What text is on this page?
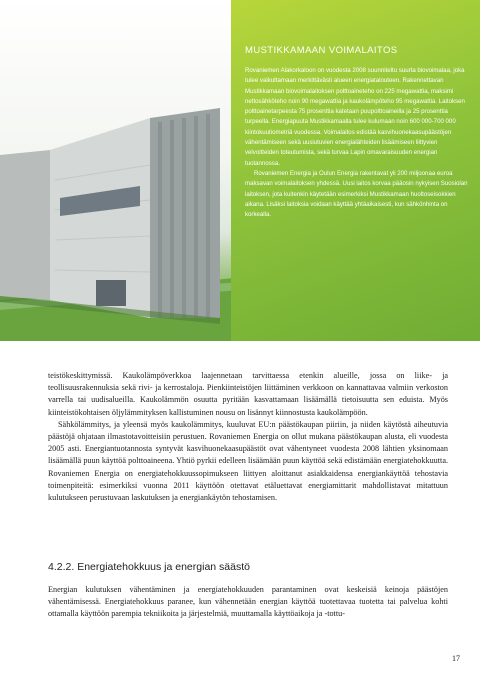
MUSTIKKAMAAN VOIMALAITOS

Rovaniemen Alakorkaloon on vuodesta 2008 suunniteltu suurta biovoimalaa, joka tulee vaikuttamaan merkittävästi alueen energiatalouteen. Rakennettavan Mustikkamaan biovoimalaitoksen polttoaineteho on 225 megawattia, maksimi nettosähköteho noin 90 megawattia ja kaukolämpöteho 95 megawattia. Laitoksen polttoainetarpeesta 75 prosenttia katetaan puupolttoaineilla ja 25 prosenttia turpeella. Energiapuuta Mustikkamaalla tulee kulumaan noin 600 000-700 000 kiintokuutiometriä vuodessa. Voimalaitos edistää kasvihuonekaasupäästöjen vähentämiseen sekä uusiutuvien energialähteiden lisäämiseen liittyvien velvoitteiden toteutumista, sekä turvaa Lapin omavaraisuuden energian tuotannossa.

Rovaniemen Energia ja Oulun Energia rakentavat yli 200 miljoonaa euroa maksavan voimalaitoksen yhdessä. Uusi laitos korvaa pääosin nykyisen Suosiolan laitoksen, jota kuitenkin käytetään esimerkiksi Mustikkamaan huoltoseisokkien aikana. Lisäksi laitoksia voidaan käyttää yhtäaikaisesti, kun sähkönhinta on korkealla.

teistökeskittymissä. Kaukolämpöverkkoa laajennetaan tarvittaessa etenkin alueille, jossa on liike- ja teollisuusrakennuksia sekä rivi- ja kerrostaloja. Pienkiinteistöjen liittäminen verkkoon on kannattavaa valmiin verkoston varrella tai uudisalueilla. Kaukolämmön osuutta pyritään kasvattamaan lisäämällä tietoisuutta sen eduista. Myös kiinteistökohtaisen öljylämmityksen kallistuminen nousu on lisännyt kiinnostusta kaukolämpöön.

Sähkölämmitys, ja yleensä myös kaukolämmitys, kuuluvat EU:n päästökaupan piiriin, ja niiden käytöstä aiheutuvia päästöjä ohjataan ilmastotavoitteisiin perustuen. Rovaniemen Energia on ollut mukana päästökaupan alusta, eli vuodesta 2005 asti. Energiantuotannosta syntyvät kasvihuonekaasupäästöt ovat vähentyneet vuodesta 2008 lähtien yksinomaan lisäämällä puun käyttöä polttoaineena. Yhtiö pyrkii edelleen lisäämään puun käyttöä sekä edistämään energiatehokkuutta. Rovaniemen Energia on energiatehokkuussopimukseen liittyen aloittanut asiakkaidensa energiankäyttöä tehostavia toimenpiteitä: esimerkiksi vuonna 2011 käyttöön otettavat etäluettavat energiamittarit mahdollistavat mitattuun kulutukseen perustuvaan laskutuksen ja energiankäytön tehostamisen.

4.2.2. Energiatehokkuus ja energian säästö

Energian kulutuksen vähentäminen ja energiatehokkuuden parantaminen ovat keskeisiä keinoja päästöjen vähentämisessä. Energiatehokkuus paranee, kun vähennetään energian käyttöä tuotettavaa tuotetta tai palvelua kohti ottamalla käyttöön parempia tekniikoita ja järjestelmiä, muuttamalla käyttöaikoja ja -tottu-

17
